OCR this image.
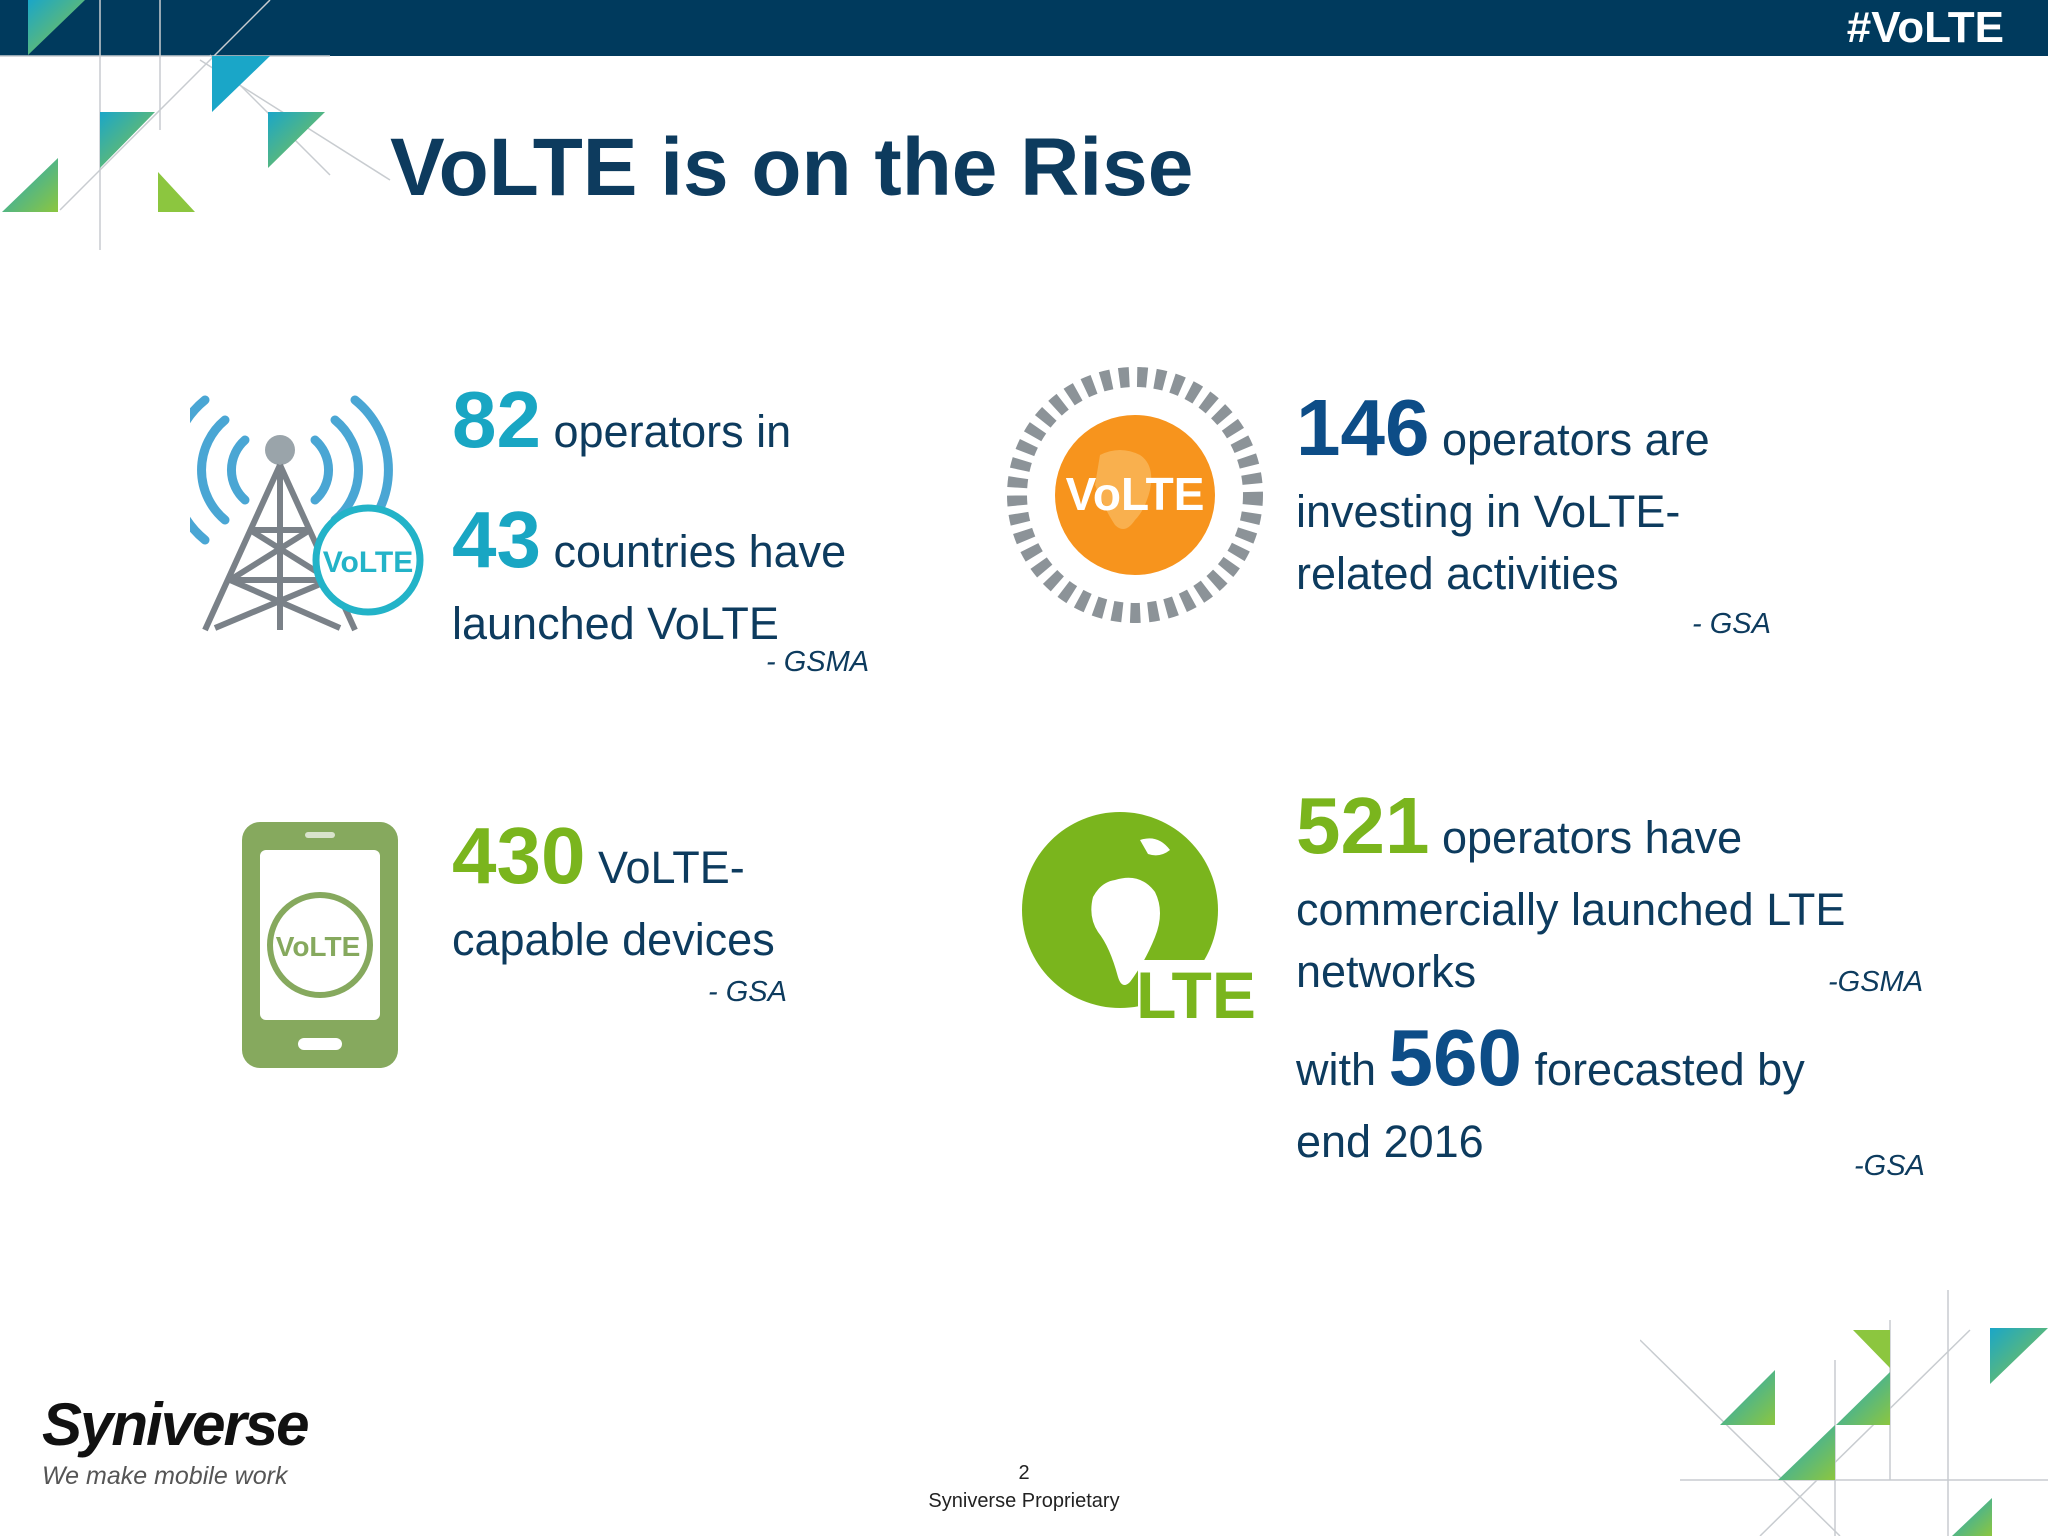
#VoLTE
VoLTE is on the Rise
VoLTE
82 operators in
43 countries have
launched VoLTE
- GSMA
VoLTE
146 operators are
investing in VoLTE-
related activities
- GSA
VoLTE
430 VoLTE-
capable devices
- GSA	LTE
521 operators have
commercially launched LTE
networks
with 560 forecasted by
end 2016
-GSMA
-GSA
Syniverse
We make mobile work	2
Syniverse Proprietary
